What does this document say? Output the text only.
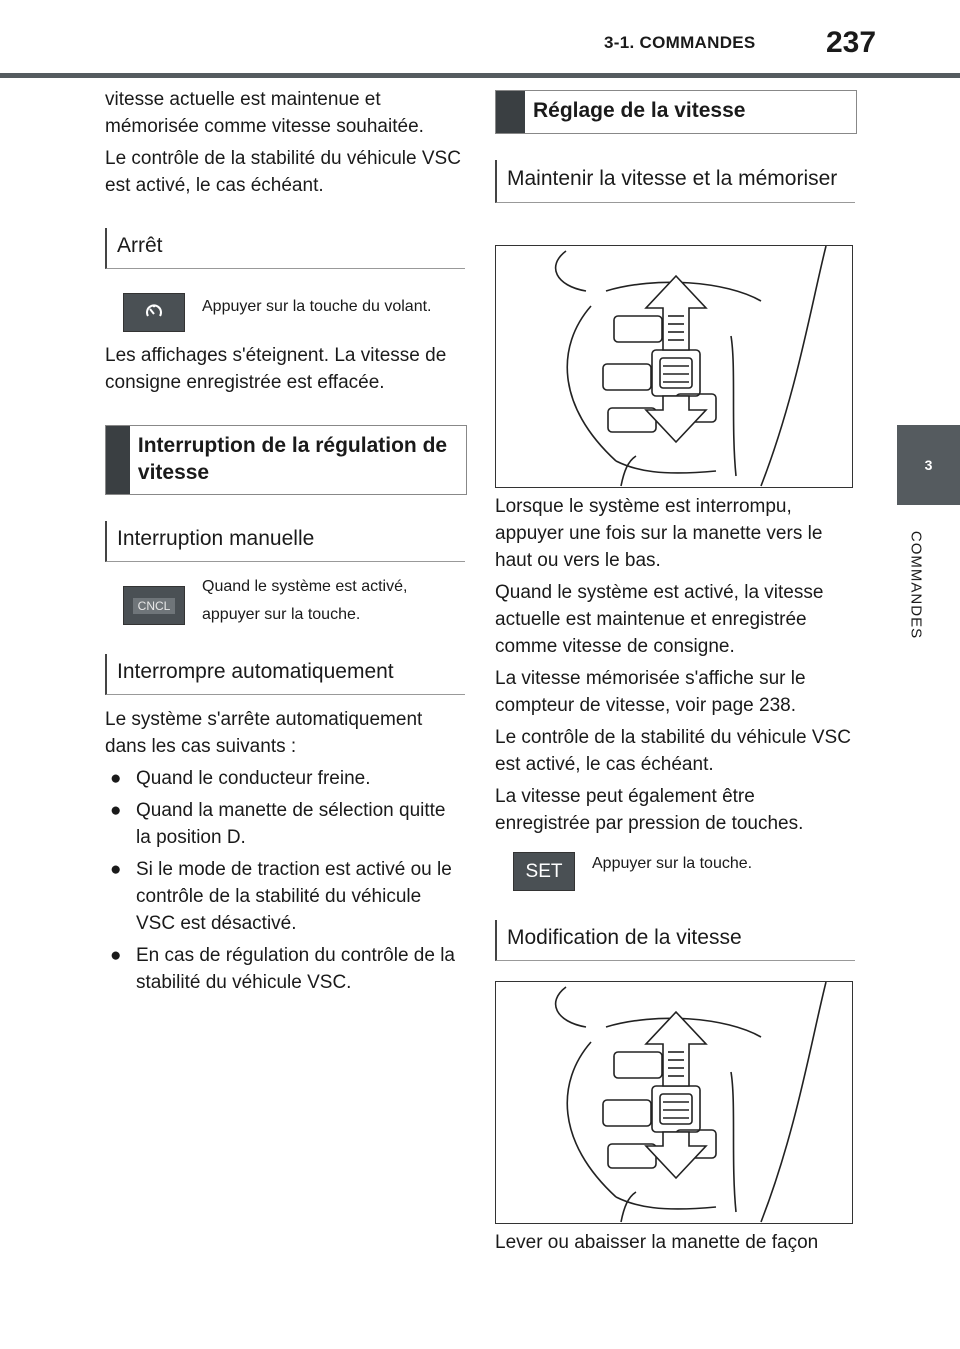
3-1. COMMANDES 237
3
COMMANDES

vitesse actuelle est maintenue et mémorisée comme vitesse souhaitée.

Le contrôle de la stabilité du véhicule VSC est activé, le cas échéant.

Arrêt
Appuyer sur la touche du volant.

Les affichages s'éteignent. La vitesse de consigne enregistrée est effacée.

Interruption de la régulation de vitesse
Interruption manuelle
CNCL
Quand le système est activé, appuyer sur la touche.
Interrompre automatiquement

Le système s'arrête automatiquement dans les cas suivants :

● Quand le conducteur freine.

● Quand la manette de sélection quitte la position D.

● Si le mode de traction est activé ou le contrôle de la stabilité du véhicule VSC est désactivé.

● En cas de régulation du contrôle de la stabilité du véhicule VSC.

Réglage de la vitesse
Maintenir la vitesse et la mémoriser

Lorsque le système est interrompu, appuyer une fois sur la manette vers le haut ou vers le bas.

Quand le système est activé, la vitesse actuelle est maintenue et enregistrée comme vitesse de consigne.

La vitesse mémorisée s'affiche sur le compteur de vitesse, voir page 238.

Le contrôle de la stabilité du véhicule VSC est activé, le cas échéant.

La vitesse peut également être enregistrée par pression de touches.

SET Appuyer sur la touche.
Modification de la vitesse

Lever ou abaisser la manette de façon
